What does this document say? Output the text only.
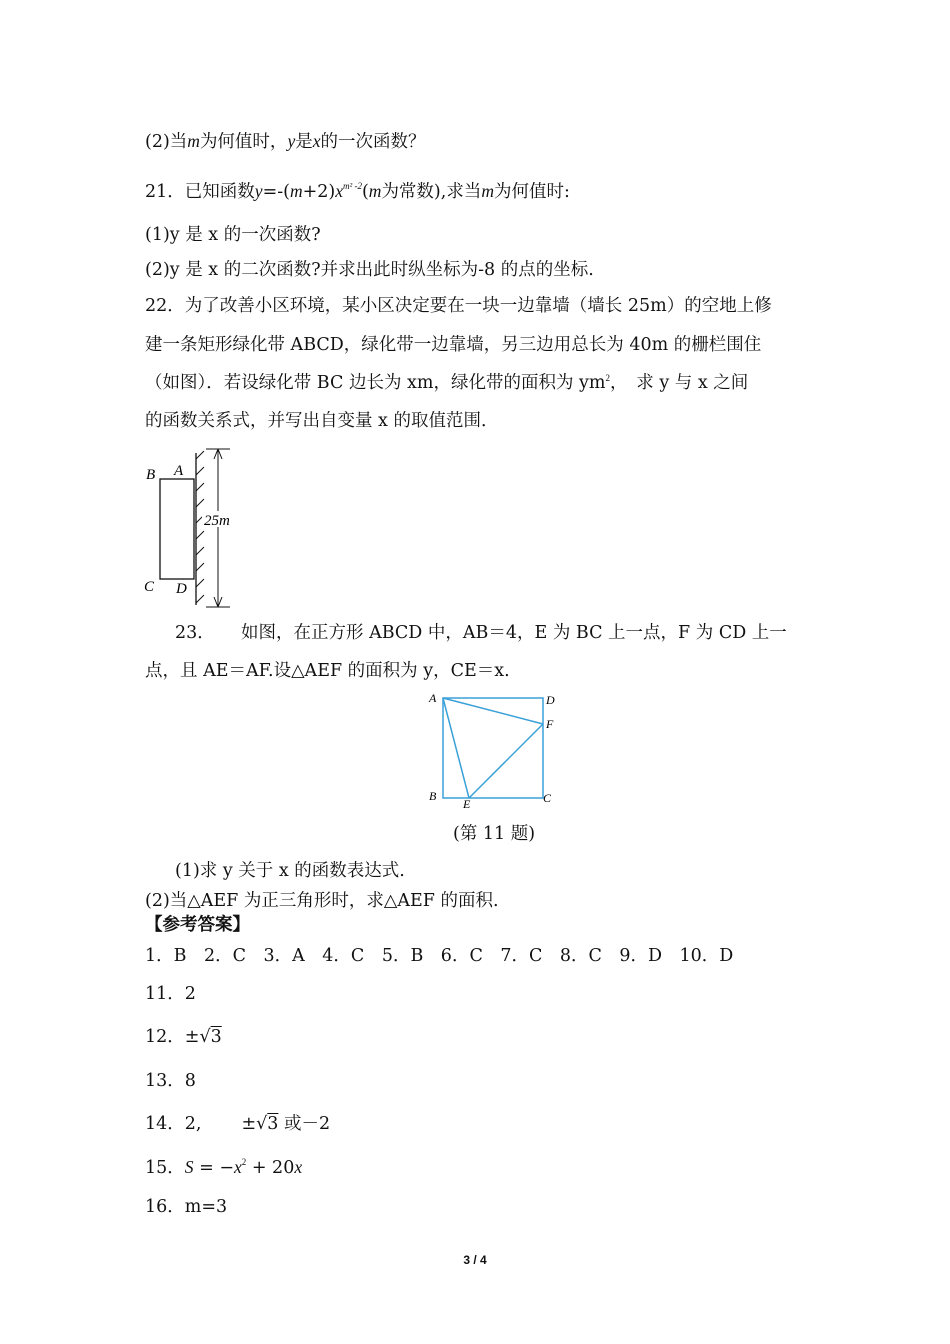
(2)当m为何值时，y是x的一次函数？
21．已知函数$y=-(m+2)x^{m^2 -2}(m$为常数),求当m为何值时:
(1)y 是 x 的一次函数?
(2)y 是 x 的二次函数?并求出此时纵坐标为-8 的点的坐标.
22．为了改善小区环境，某小区决定要在一块一边靠墙（墙长 25m）的空地上修
建一条矩形绿化带 ABCD，绿化带一边靠墙，另三边用总长为 40m 的栅栏围住
（如图）．若设绿化带 BC 边长为 xm，绿化带的面积为 $ym^2$，　求 y 与 x 之间
的函数关系式，并写出自变量 x 的取值范围．
25m
B A
C D
23．　　如图，在正方形 ABCD 中，AB＝4，E 为 BC 上一点，F 为 CD 上一
点，且 AE＝AF.设△AEF 的面积为 y，CE＝x.
A	D
F
B
E	C
(第 11 题)
(1)求 y 关于 x 的函数表达式.
(2)当△AEF 为正三角形时，求△AEF 的面积.
【参考答案】
1．B　2．C　3．A　4．C　5．B　6．C　7．C　8．C　9．D　10．D
11．2
12．±√3
13．8
14．2, ±√3 或－2
15．$S = -x^2 + 20x$
16．m=3
3 / 4
